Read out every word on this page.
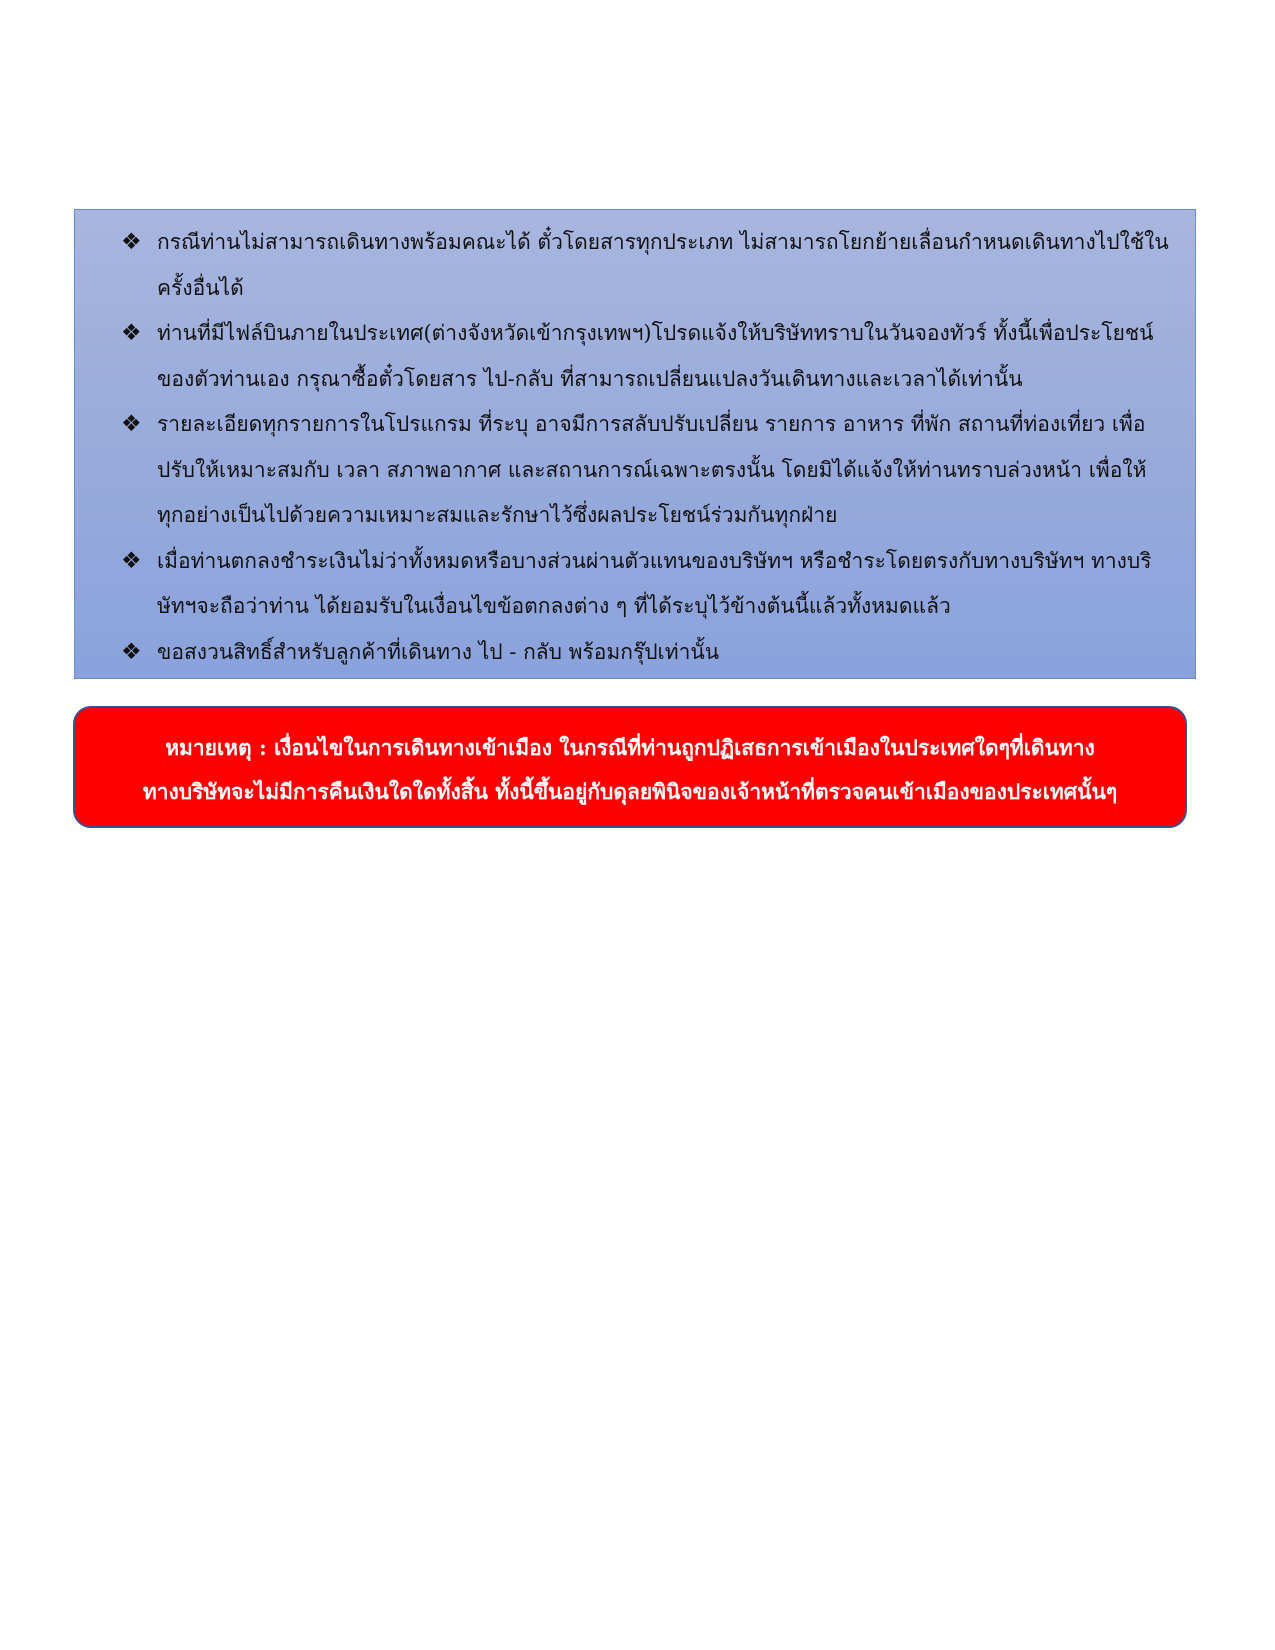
❖ กรณีท่านไม่สามารถเดินทางพร้อมคณะได้ ตั๋วโดยสารทุกประเภท ไม่สามารถโยกย้ายเลื่อนกำหนดเดินทางไปใช้ในครั้งอื่นได้
❖ ท่านที่มีไฟล์บินภายในประเทศ(ต่างจังหวัดเข้ากรุงเทพฯ)โปรดแจ้งให้บริษัททราบในวันจองทัวร์ ทั้งนี้เพื่อประโยชน์ของตัวท่านเอง กรุณาซื้อตั๋วโดยสาร ไป-กลับ ที่สามารถเปลี่ยนแปลงวันเดินทางและเวลาได้เท่านั้น
❖ รายละเอียดทุกรายการในโปรแกรม ที่ระบุ อาจมีการสลับปรับเปลี่ยน รายการ อาหาร ที่พัก สถานที่ท่องเที่ยว เพื่อปรับให้เหมาะสมกับ เวลา สภาพอากาศ และสถานการณ์เฉพาะตรงนั้น โดยมิได้แจ้งให้ท่านทราบล่วงหน้า เพื่อให้ทุกอย่างเป็นไปด้วยความเหมาะสมและรักษาไว้ซึ่งผลประโยชน์ร่วมกันทุกฝ่าย
❖ เมื่อท่านตกลงชำระเงินไม่ว่าทั้งหมดหรือบางส่วนผ่านตัวแทนของบริษัทฯ หรือชำระโดยตรงกับทางบริษัทฯ ทางบริษัทฯจะถือว่าท่าน ได้ยอมรับในเงื่อนไขข้อตกลงต่าง ๆ ที่ได้ระบุไว้ข้างต้นนี้แล้วทั้งหมดแล้ว
❖ ขอสงวนสิทธิ์สำหรับลูกค้าที่เดินทาง ไป - กลับ พร้อมกรุ๊ปเท่านั้น
หมายเหตุ : เงื่อนไขในการเดินทางเข้าเมือง ในกรณีที่ท่านถูกปฏิเสธการเข้าเมืองในประเทศใดๆที่เดินทาง
ทางบริษัทจะไม่มีการคืนเงินใดใดทั้งสิ้น ทั้งนี้ขึ้นอยู่กับดุลยพินิจของเจ้าหน้าที่ตรวจคนเข้าเมืองของประเทศนั้นๆ
